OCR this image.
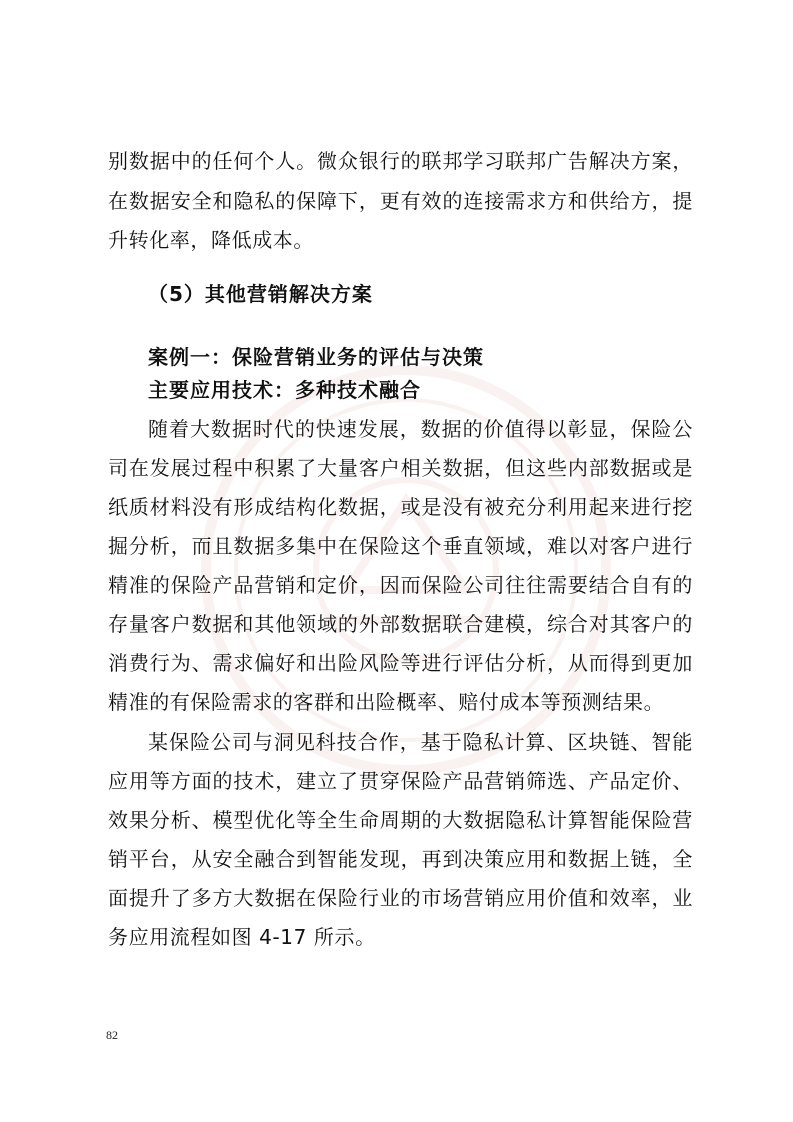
别数据中的任何个人。微众银行的联邦学习联邦广告解决方案，
在数据安全和隐私的保障下，更有效的连接需求方和供给方，提
升转化率，降低成本。
（5）其他营销解决方案
案例一：保险营销业务的评估与决策
主要应用技术：多种技术融合
随着大数据时代的快速发展，数据的价值得以彰显，保险公
司在发展过程中积累了大量客户相关数据，但这些内部数据或是
纸质材料没有形成结构化数据，或是没有被充分利用起来进行挖
掘分析，而且数据多集中在保险这个垂直领域，难以对客户进行
精准的保险产品营销和定价，因而保险公司往往需要结合自有的
存量客户数据和其他领域的外部数据联合建模，综合对其客户的
消费行为、需求偏好和出险风险等进行评估分析，从而得到更加
精准的有保险需求的客群和出险概率、赔付成本等预测结果。
某保险公司与洞见科技合作，基于隐私计算、区块链、智能
应用等方面的技术，建立了贯穿保险产品营销筛选、产品定价、
效果分析、模型优化等全生命周期的大数据隐私计算智能保险营
销平台，从安全融合到智能发现，再到决策应用和数据上链，全
面提升了多方大数据在保险行业的市场营销应用价值和效率，业
务应用流程如图 4-17 所示。
82
